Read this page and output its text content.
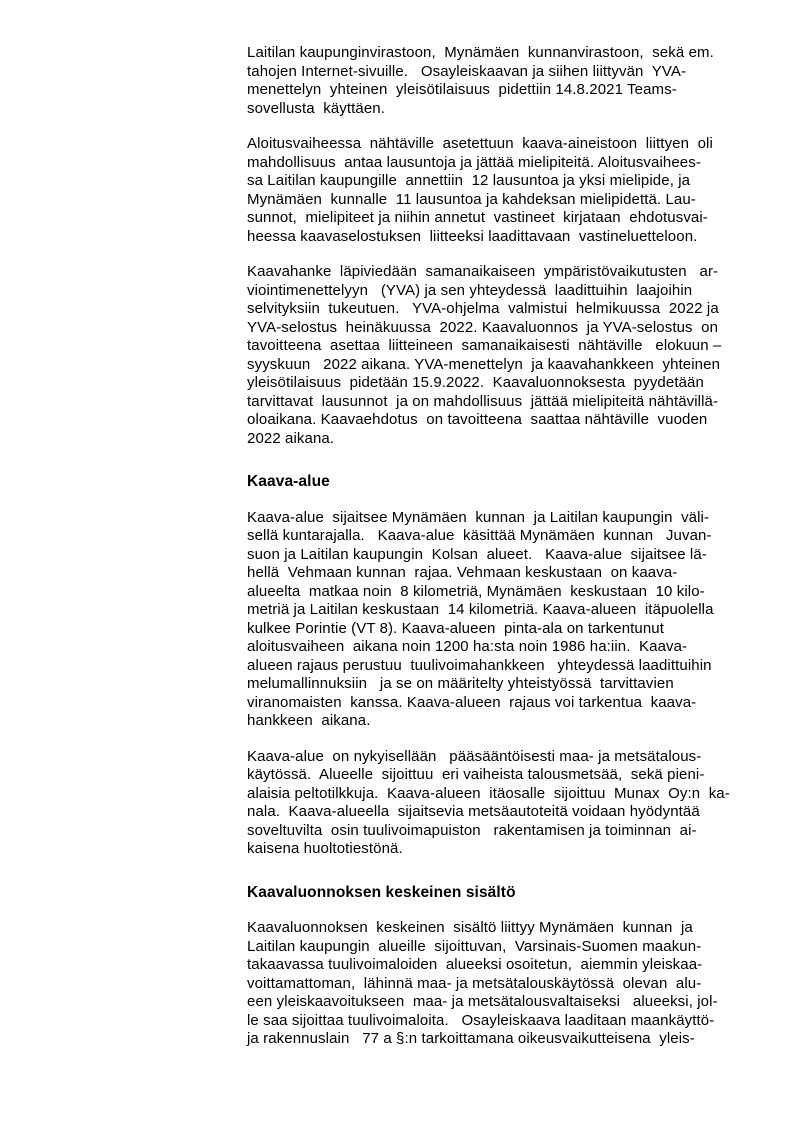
Laitilan kaupunginvirastoon,  Mynämäen  kunnanvirastoon,  sekä em.
tahojen Internet-sivuille.   Osayleiskaavan ja siihen liittyvän  YVA-
menettelyn  yhteinen  yleisötilaisuus  pidettiin 14.8.2021 Teams-
sovellusta  käyttäen.

Aloitusvaiheessa  nähtäville  asetettuun  kaava-aineistoon  liittyen  oli
mahdollisuus  antaa lausuntoja ja jättää mielipiteitä. Aloitusvaihees-
sa Laitilan kaupungille  annettiin  12 lausuntoa ja yksi mielipide, ja
Mynämäen  kunnalle  11 lausuntoa ja kahdeksan mielipidettä. Lau-
sunnot,  mielipiteet ja niihin annetut  vastineet  kirjataan  ehdotusvai-
heessa kaavaselostuksen  liitteeksi laadittavaan  vastineluetteloon.

Kaavahanke  läpiviedään  samanaikaiseen  ympäristövaikutusten   ar-
viointimenettelyyn   (YVA) ja sen yhteydessä  laadittuihin  laajoihin
selvityksiin  tukeutuen.   YVA-ohjelma  valmistui  helmikuussa  2022 ja
YVA-selostus  heinäkuussa  2022. Kaavaluonnos  ja YVA-selostus  on
tavoitteena  asettaa  liitteineen  samanaikaisesti  nähtäville   elokuun –
syyskuun   2022 aikana. YVA-menettelyn  ja kaavahankkeen  yhteinen
yleisötilaisuus  pidetään 15.9.2022.  Kaavaluonnoksesta  pyydetään
tarvittavat  lausunnot  ja on mahdollisuus  jättää mielipiteitä nähtävillä-
oloaikana. Kaavaehdotus  on tavoitteena  saattaa nähtäville  vuoden
2022 aikana.

Kaava-alue

Kaava-alue  sijaitsee Mynämäen  kunnan  ja Laitilan kaupungin  väli-
sellä kuntarajalla.   Kaava-alue  käsittää Mynämäen  kunnan   Juvan-
suon ja Laitilan kaupungin  Kolsan  alueet.   Kaava-alue  sijaitsee lä-
hellä  Vehmaan kunnan  rajaa. Vehmaan keskustaan  on kaava-
alueelta  matkaa noin  8 kilometriä, Mynämäen  keskustaan  10 kilo-
metriä ja Laitilan keskustaan  14 kilometriä. Kaava-alueen  itäpuolella
kulkee Porintie (VT 8). Kaava-alueen  pinta-ala on tarkentunut
aloitusvaiheen  aikana noin 1200 ha:sta noin 1986 ha:iin.  Kaava-
alueen rajaus perustuu  tuulivoimahankkeen   yhteydessä laadittuihin
melumallinnuksiin   ja se on määritelty yhteistyössä  tarvittavien
viranomaisten  kanssa. Kaava-alueen  rajaus voi tarkentua  kaava-
hankkeen  aikana.

Kaava-alue  on nykyisellään   pääsääntöisesti maa- ja metsätalous-
käytössä.  Alueelle  sijoittuu  eri vaiheista talousmetsää,  sekä pieni-
alaisia peltotilkkuja.  Kaava-alueen  itäosalle  sijoittuu  Munax  Oy:n  ka-
nala.  Kaava-alueella  sijaitsevia metsäautoteitä voidaan hyödyntää
soveltuvilta  osin tuulivoimapuiston   rakentamisen ja toiminnan  ai-
kaisena huoltotiestönä.

Kaavaluonnoksen keskeinen sisältö

Kaavaluonnoksen  keskeinen  sisältö liittyy Mynämäen  kunnan  ja
Laitilan kaupungin  alueille  sijoittuvan,  Varsinais-Suomen maakun-
takaavassa tuulivoimaloiden  alueeksi osoitetun,  aiemmin yleiskaa-
voittamattoman,  lähinnä maa- ja metsätalouskäytössä  olevan  alu-
een yleiskaavoitukseen  maa- ja metsätalousvaltaiseksi   alueeksi, jol-
le saa sijoittaa tuulivoimaloita.   Osayleiskaava laaditaan maankäyttö-
ja rakennuslain   77 a §:n tarkoittamana oikeusvaikutteisena  yleis-
